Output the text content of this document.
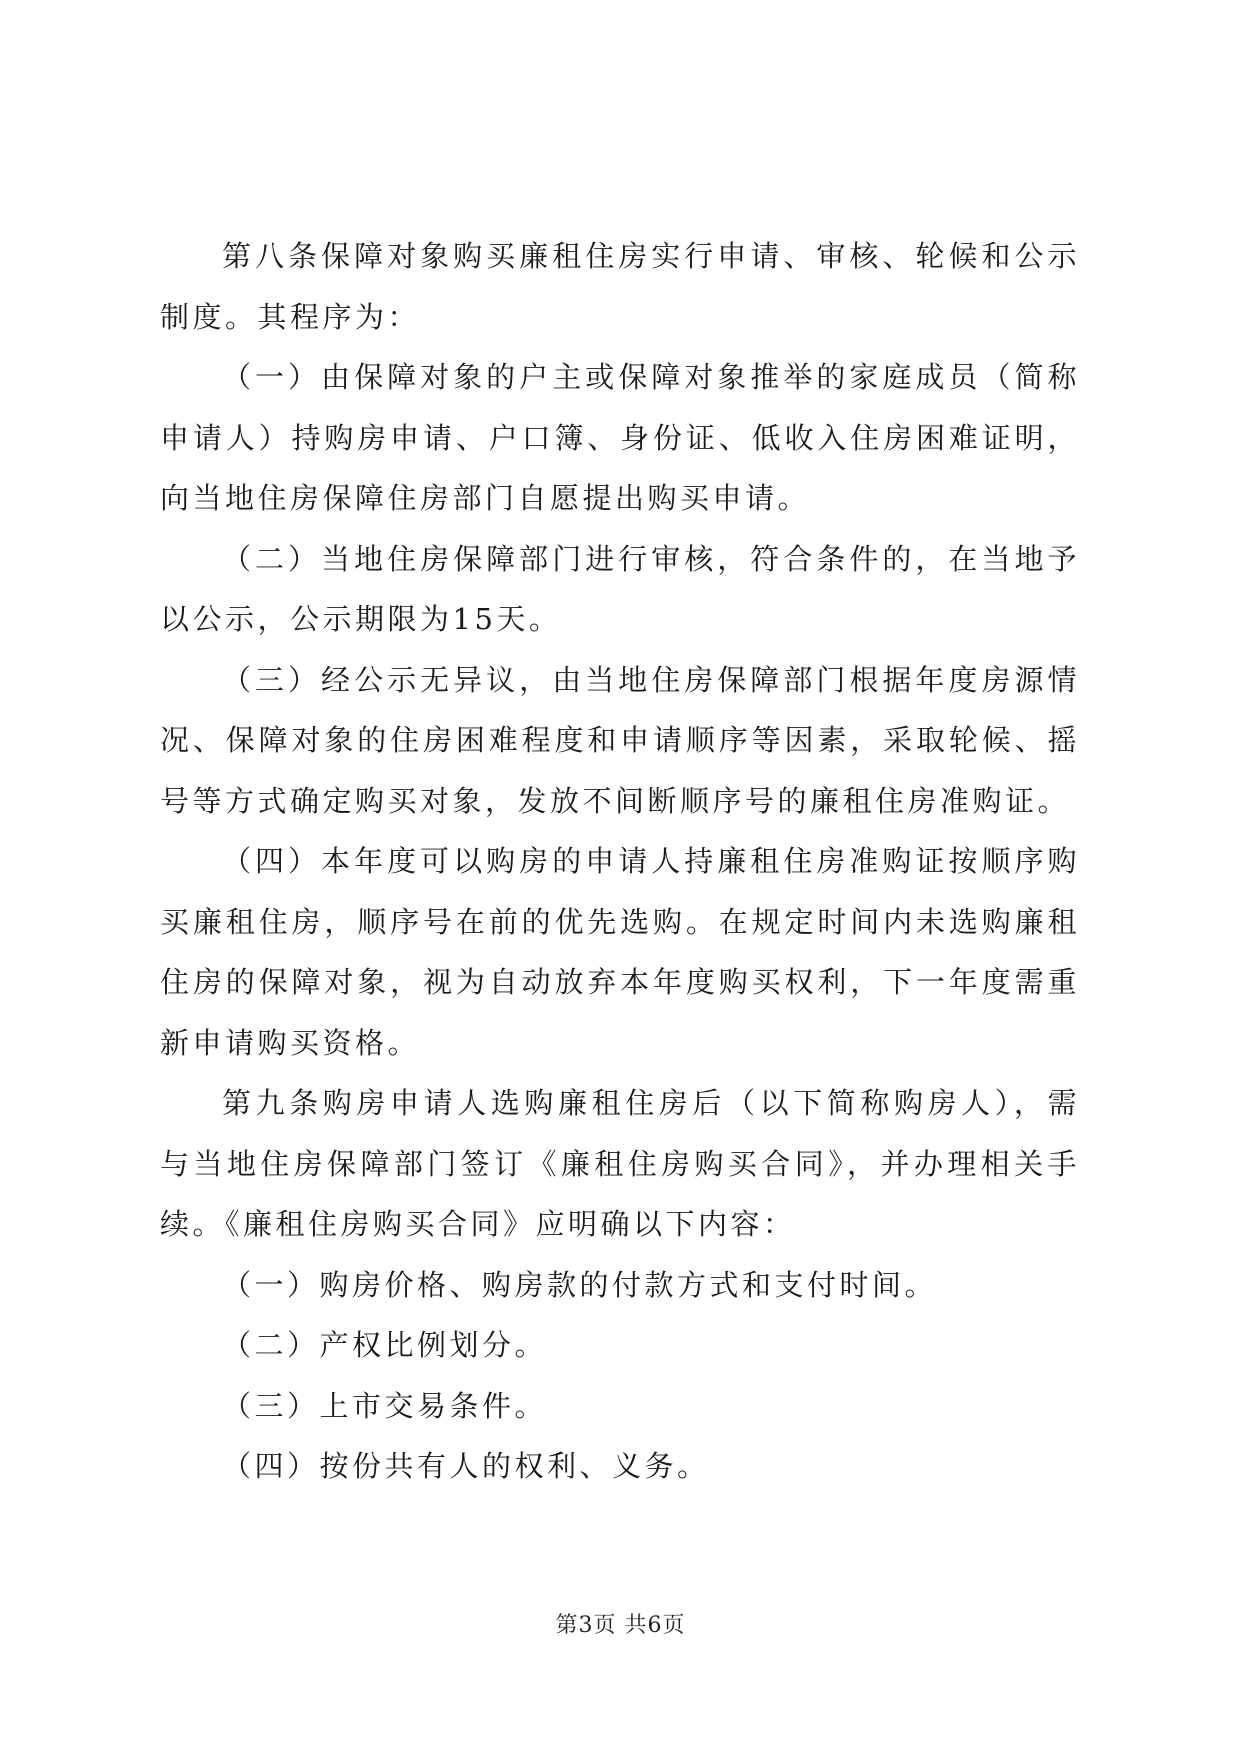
第八条保障对象购买廉租住房实行申请、审核、轮候和公示制度。其程序为：

（一）由保障对象的户主或保障对象推举的家庭成员（简称申请人）持购房申请、户口簿、身份证、低收入住房困难证明，向当地住房保障住房部门自愿提出购买申请。

（二）当地住房保障部门进行审核，符合条件的，在当地予以公示，公示期限为15天。

（三）经公示无异议，由当地住房保障部门根据年度房源情况、保障对象的住房困难程度和申请顺序等因素，采取轮候、摇号等方式确定购买对象，发放不间断顺序号的廉租住房准购证。

（四）本年度可以购房的申请人持廉租住房准购证按顺序购买廉租住房，顺序号在前的优先选购。在规定时间内未选购廉租住房的保障对象，视为自动放弃本年度购买权利，下一年度需重新申请购买资格。

第九条购房申请人选购廉租住房后（以下简称购房人），需与当地住房保障部门签订《廉租住房购买合同》，并办理相关手续。《廉租住房购买合同》应明确以下内容：

（一）购房价格、购房款的付款方式和支付时间。

（二）产权比例划分。

（三）上市交易条件。

（四）按份共有人的权利、义务。

第3页 共6页
